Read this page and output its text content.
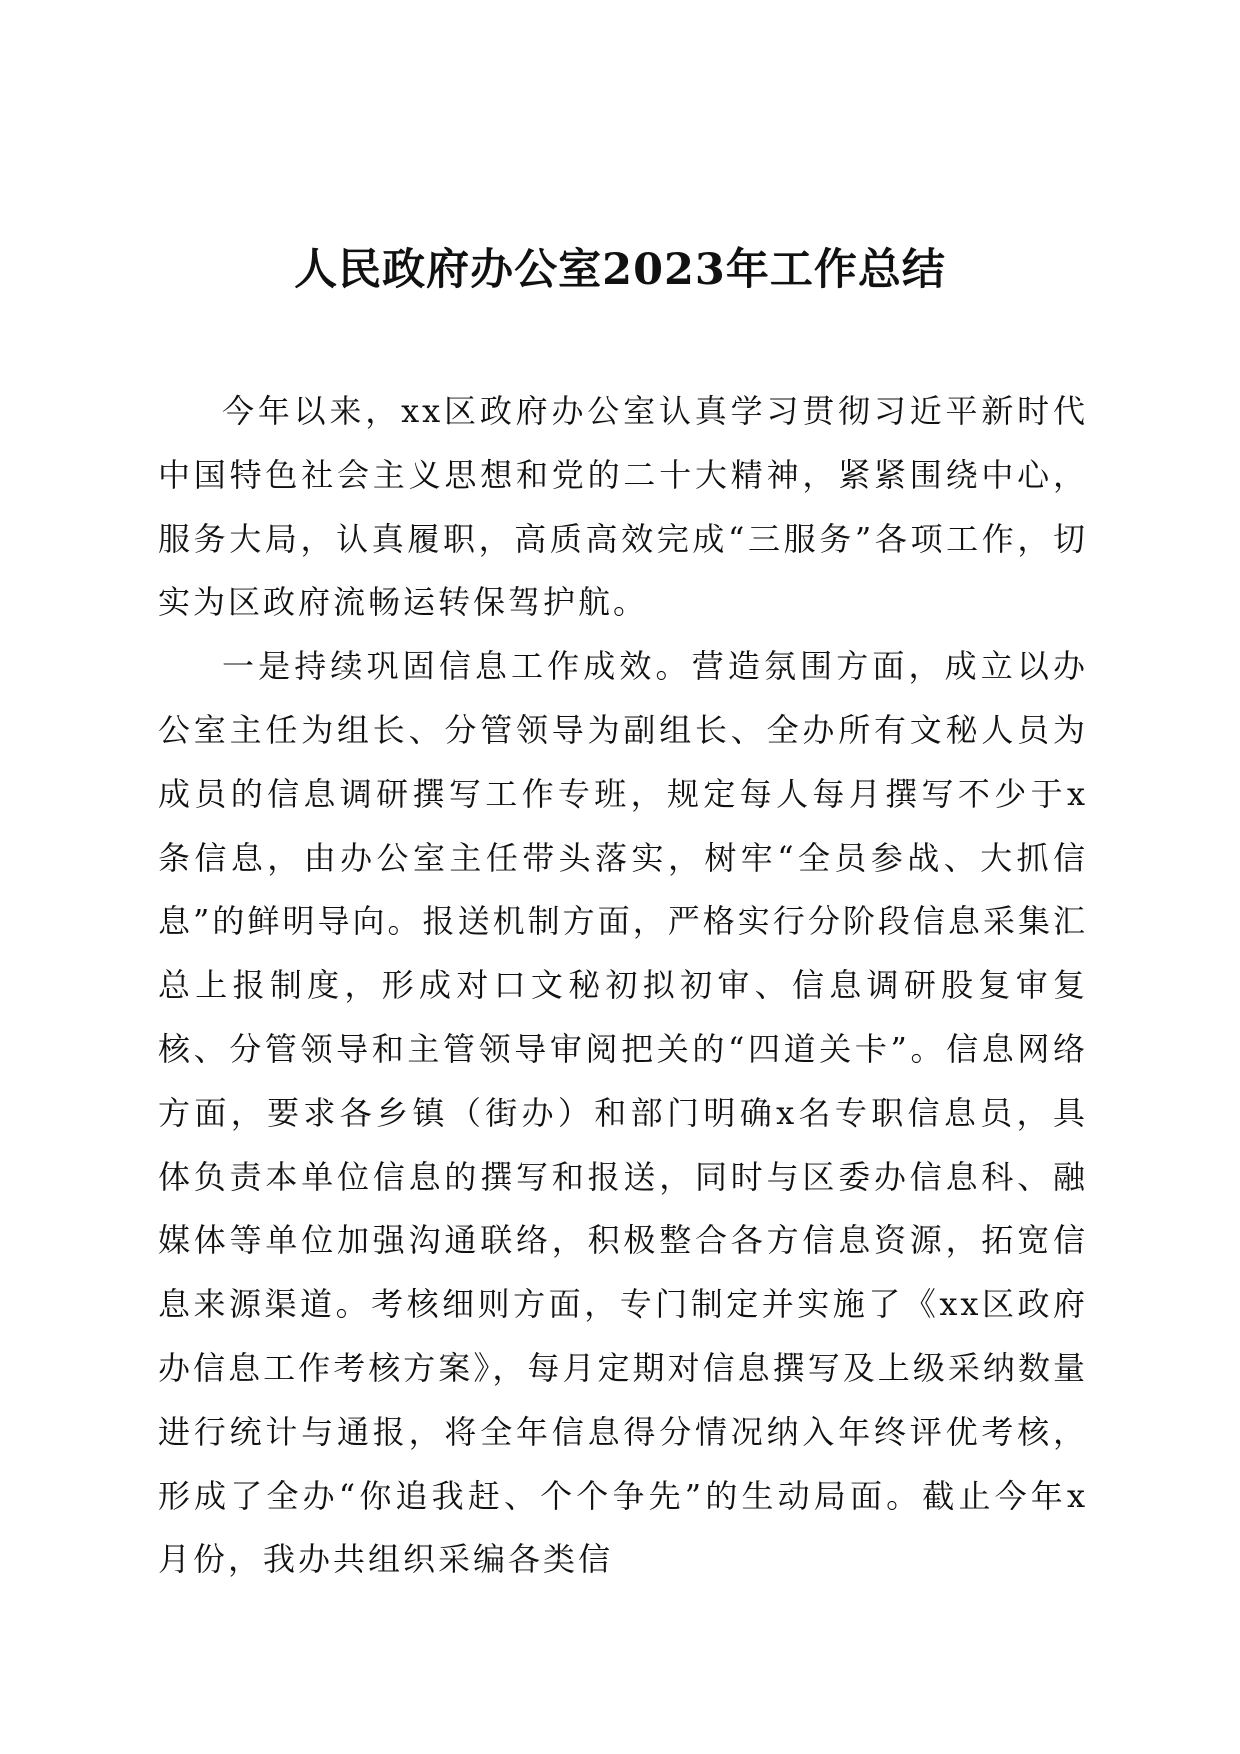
人民政府办公室2023年工作总结

今年以来，xx区政府办公室认真学习贯彻习近平新时代中国特色社会主义思想和党的二十大精神，紧紧围绕中心，服务大局，认真履职，高质高效完成“三服务”各项工作，切实为区政府流畅运转保驾护航。

一是持续巩固信息工作成效。营造氛围方面，成立以办公室主任为组长、分管领导为副组长、全办所有文秘人员为成员的信息调研撰写工作专班，规定每人每月撰写不少于x条信息，由办公室主任带头落实，树牢“全员参战、大抓信息”的鲜明导向。报送机制方面，严格实行分阶段信息采集汇总上报制度，形成对口文秘初拟初审、信息调研股复审复核、分管领导和主管领导审阅把关的“四道关卡”。信息网络方面，要求各乡镇（街办）和部门明确x名专职信息员，具体负责本单位信息的撰写和报送，同时与区委办信息科、融媒体等单位加强沟通联络，积极整合各方信息资源，拓宽信息来源渠道。考核细则方面，专门制定并实施了《xx区政府办信息工作考核方案》，每月定期对信息撰写及上级采纳数量进行统计与通报，将全年信息得分情况纳入年终评优考核，形成了全办“你追我赶、个个争先”的生动局面。截止今年x月份，我办共组织采编各类信
